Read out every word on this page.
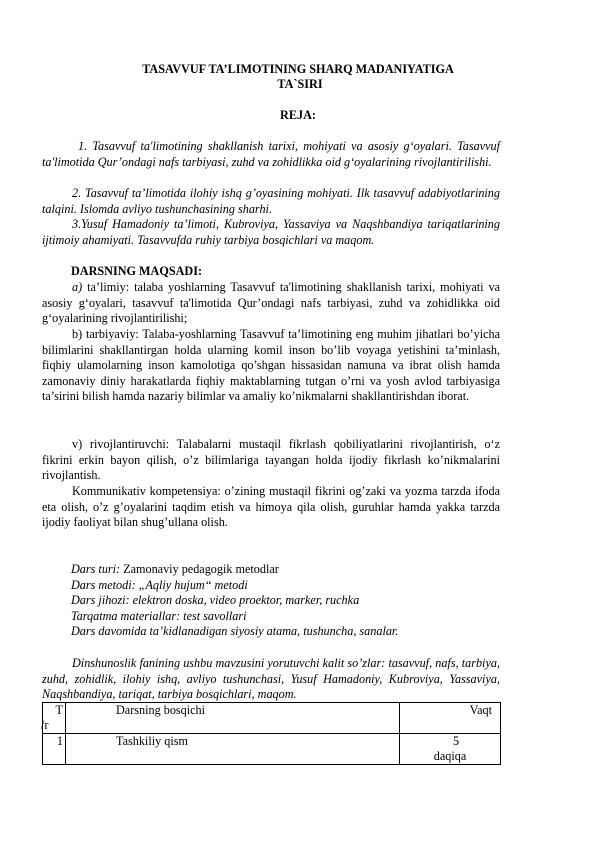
TASAVVUF TA’LIMOTINING SHARQ MADANIYATIGA
TA`SIRI
REJA:
1. Tasavvuf ta'limotining shakllanish tarixi, mohiyati va asosiy g‘oyalari. Tasavvuf ta'limotida Qur’ondagi nafs tarbiyasi, zuhd va zohidlikka oid g‘oyalarining rivojlantirilishi.
2. Tasavvuf ta’limotida ilohiy ishq g’oyasining mohiyati. Ilk tasavvuf adabiyotlarining talqini. Islomda avliyo tushunchasining sharhi.
3.Yusuf Hamadoniy ta’limoti, Kubroviya, Yassaviya va Naqshbandiya tariqatlarining ijtimoiy ahamiyati. Tasavvufda ruhiy tarbiya bosqichlari va maqom.
DARSNING MAQSADI:
a) ta’limiy: talaba yoshlarning Tasavvuf ta'limotining shakllanish tarixi, mohiyati va asosiy g‘oyalari, tasavvuf ta'limotida Qur’ondagi nafs tarbiyasi, zuhd va zohidlikka oid g‘oyalarining rivojlantirilishi;
b) tarbiyaviy: Talaba-yoshlarning Tasavvuf ta’limotining eng muhim jihatlari bo’yicha bilimlarini shakllantirgan holda ularning komil inson bo’lib voyaga yetishini ta’minlash, fiqhiy ulamolarning inson kamolotiga qo’shgan hissasidan namuna va ibrat olish hamda zamonaviy diniy harakatlarda fiqhiy maktablarning tutgan o’rni va yosh avlod tarbiyasiga ta’sirini bilish hamda nazariy bilimlar va amaliy ko’nikmalarni shakllantirishdan iborat.
v) rivojlantiruvchi: Talabalarni mustaqil fikrlash qobiliyatlarini rivojlantirish, o‘z fikrini erkin bayon qilish, o’z bilimlariga tayangan holda ijodiy fikrlash ko’nikmalarini rivojlantish.
Kommunikativ kompetensiya: o’zining mustaqil fikrini og’zaki va yozma tarzda ifoda eta olish, o’z g’oyalarini taqdim etish va himoya qila olish, guruhlar hamda yakka tarzda ijodiy faoliyat bilan shug’ullana olish.
Dars turi: Zamonaviy pedagogik metodlar
Dars metodi: „Aqliy hujum“ metodi
Dars jihozi: elektron doska, video proektor, marker, ruchka
Tarqatma materiallar: test savollari
Dars davomida ta’kidlanadigan siyosiy atama, tushuncha, sanalar.
Dinshunoslik fanining ushbu mavzusini yorutuvchi kalit so’zlar: tasavvuf, nafs, tarbiya, zuhd, zohidlik, ilohiy ishq, avliyo tushunchasi, Yusuf Hamadoniy, Kubroviya, Yassaviya, Naqshbandiya, tariqat, tarbiya bosqichlari, maqom.
T
/r	Darsning bosqichi	Vaqt
1	Tashkiliy qism	5
daqiqa
